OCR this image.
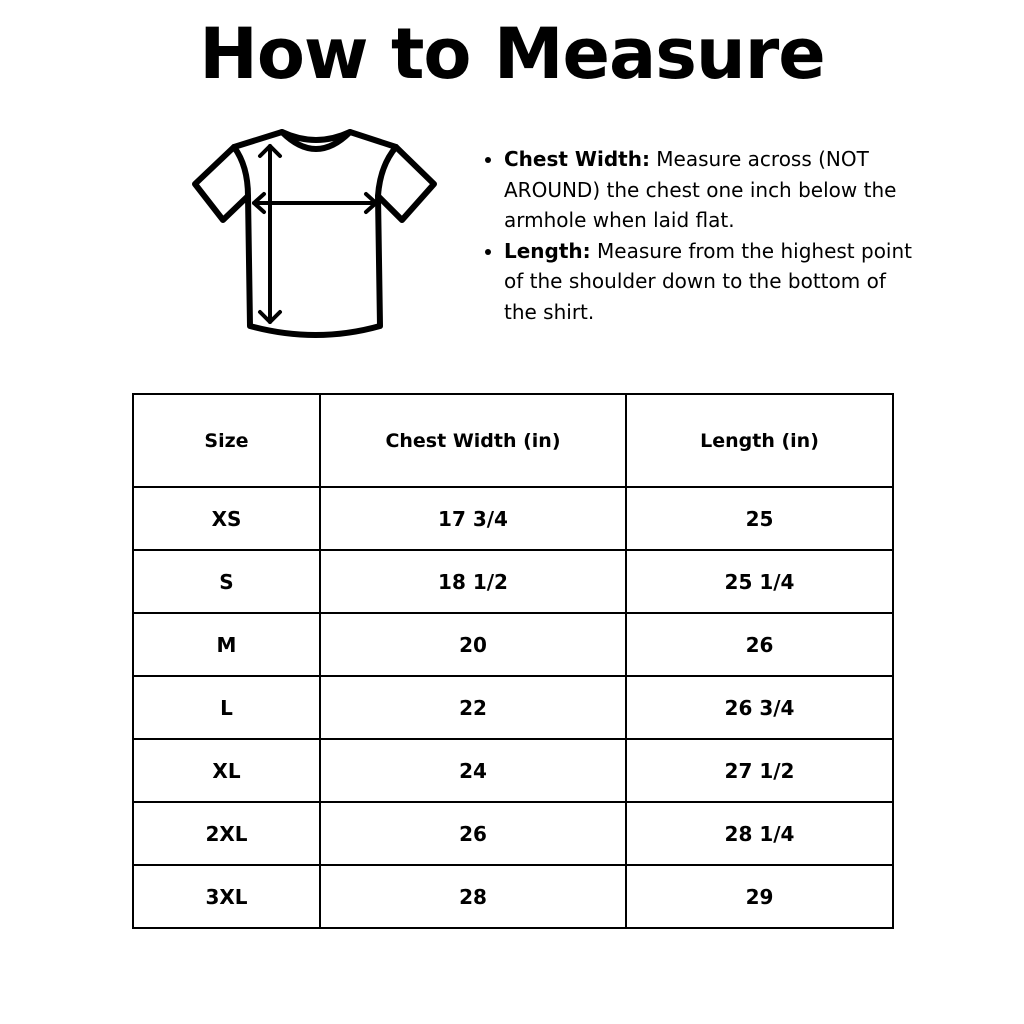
How to Measure
• Chest Width: Measure across (NOT AROUND) the chest one inch below the armhole when laid flat.
• Length: Measure from the highest point of the shoulder down to the bottom of the shirt.
Size	Chest Width (in)	Length (in)
XS	17 3/4	25
S	18 1/2	25 1/4
M	20	26
L	22	26 3/4
XL	24	27 1/2
2XL	26	28 1/4
3XL	28	29
